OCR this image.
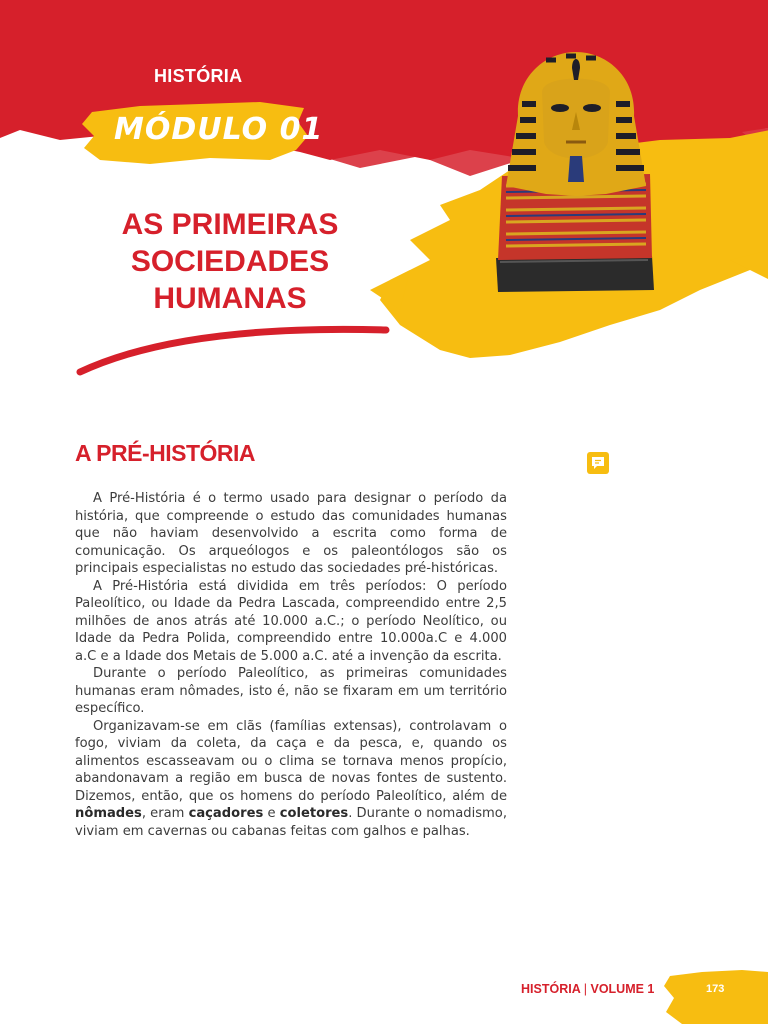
HISTÓRIA
MÓDULO 01
AS PRIMEIRAS
SOCIEDADES
HUMANAS
A PRÉ-HISTÓRIA

A Pré-História é o termo usado para designar o período da história, que compreende o estudo das comunidades humanas que não haviam desenvolvido a escrita como forma de comunicação. Os arqueólogos e os paleontólogos são os principais especialistas no estudo das sociedades pré-históricas.

A Pré-História está dividida em três períodos: O período Paleolítico, ou Idade da Pedra Lascada, compreendido entre 2,5 milhões de anos atrás até 10.000 a.C.; o período Neolítico, ou Idade da Pedra Polida, compreendido entre 10.000a.C e 4.000 a.C e a Idade dos Metais de 5.000 a.C. até a invenção da escrita.

Durante o período Paleolítico, as primeiras comunidades humanas eram nômades, isto é, não se fixaram em um território específico.

Organizavam-se em clãs (famílias extensas), controlavam o fogo, viviam da coleta, da caça e da pesca, e, quando os alimentos escasseavam ou o clima se tornava menos propício, abandonavam a região em busca de novas fontes de sustento. Dizemos, então, que os homens do período Paleolítico, além de nômades, eram caçadores e coletores. Durante o nomadismo, viviam em cavernas ou cabanas feitas com galhos e palhas.

HISTÓRIA | VOLUME 1	173
